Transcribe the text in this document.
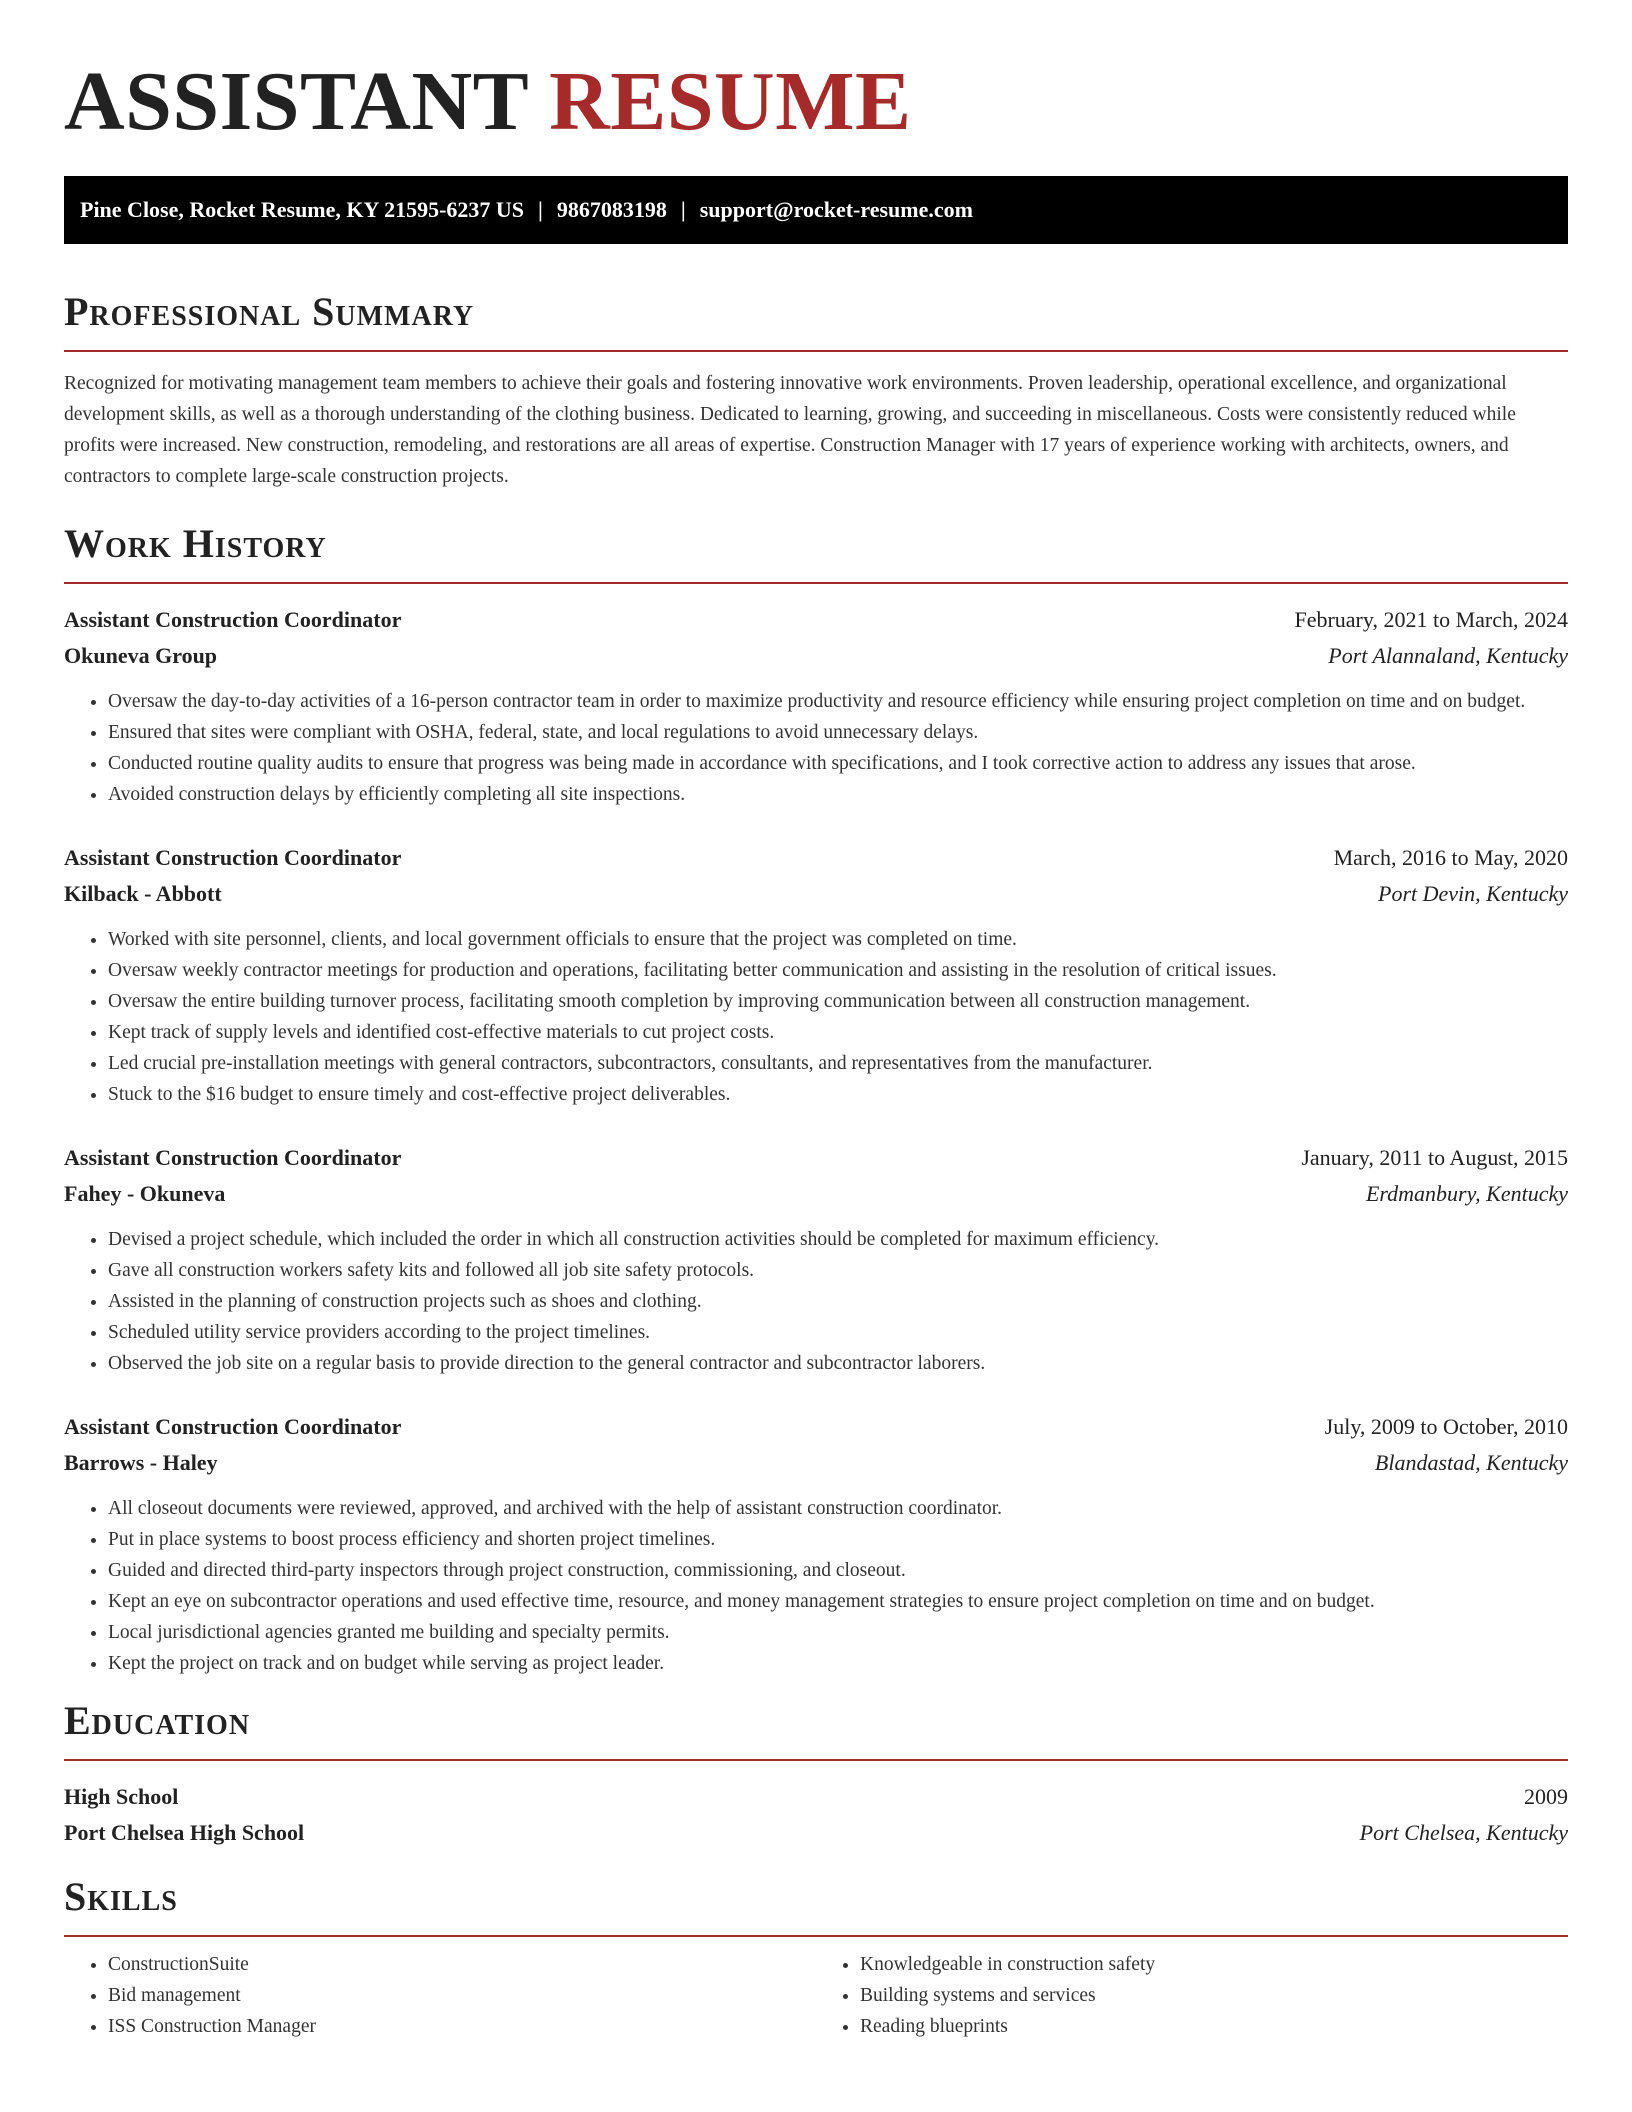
ASSISTANT RESUME
Pine Close, Rocket Resume, KY 21595-6237 US | 9867083198 | support@rocket-resume.com
Professional Summary

Recognized for motivating management team members to achieve their goals and fostering innovative work environments. Proven leadership, operational excellence, and organizational development skills, as well as a thorough understanding of the clothing business. Dedicated to learning, growing, and succeeding in miscellaneous. Costs were consistently reduced while profits were increased. New construction, remodeling, and restorations are all areas of expertise. Construction Manager with 17 years of experience working with architects, owners, and contractors to complete large-scale construction projects.

Work History
Assistant Construction Coordinator	February, 2021 to March, 2024
Okuneva Group	Port Alannaland, Kentucky
• Oversaw the day-to-day activities of a 16-person contractor team in order to maximize productivity and resource efficiency while ensuring project completion on time and on budget.
• Ensured that sites were compliant with OSHA, federal, state, and local regulations to avoid unnecessary delays.
• Conducted routine quality audits to ensure that progress was being made in accordance with specifications, and I took corrective action to address any issues that arose.
• Avoided construction delays by efficiently completing all site inspections.
Assistant Construction Coordinator	March, 2016 to May, 2020
Kilback - Abbott	Port Devin, Kentucky
• Worked with site personnel, clients, and local government officials to ensure that the project was completed on time.
• Oversaw weekly contractor meetings for production and operations, facilitating better communication and assisting in the resolution of critical issues.
• Oversaw the entire building turnover process, facilitating smooth completion by improving communication between all construction management.
• Kept track of supply levels and identified cost-effective materials to cut project costs.
• Led crucial pre-installation meetings with general contractors, subcontractors, consultants, and representatives from the manufacturer.
• Stuck to the $16 budget to ensure timely and cost-effective project deliverables.
Assistant Construction Coordinator	January, 2011 to August, 2015
Fahey - Okuneva	Erdmanbury, Kentucky
• Devised a project schedule, which included the order in which all construction activities should be completed for maximum efficiency.
• Gave all construction workers safety kits and followed all job site safety protocols.
• Assisted in the planning of construction projects such as shoes and clothing.
• Scheduled utility service providers according to the project timelines.
• Observed the job site on a regular basis to provide direction to the general contractor and subcontractor laborers.
Assistant Construction Coordinator	July, 2009 to October, 2010
Barrows - Haley	Blandastad, Kentucky
• All closeout documents were reviewed, approved, and archived with the help of assistant construction coordinator.
• Put in place systems to boost process efficiency and shorten project timelines.
• Guided and directed third-party inspectors through project construction, commissioning, and closeout.
• Kept an eye on subcontractor operations and used effective time, resource, and money management strategies to ensure project completion on time and on budget.
• Local jurisdictional agencies granted me building and specialty permits.
• Kept the project on track and on budget while serving as project leader.
Education
High School	2009
Port Chelsea High School	Port Chelsea, Kentucky
Skills
• ConstructionSuite
• Bid management
• ISS Construction Manager
• Knowledgeable in construction safety
• Building systems and services
• Reading blueprints
